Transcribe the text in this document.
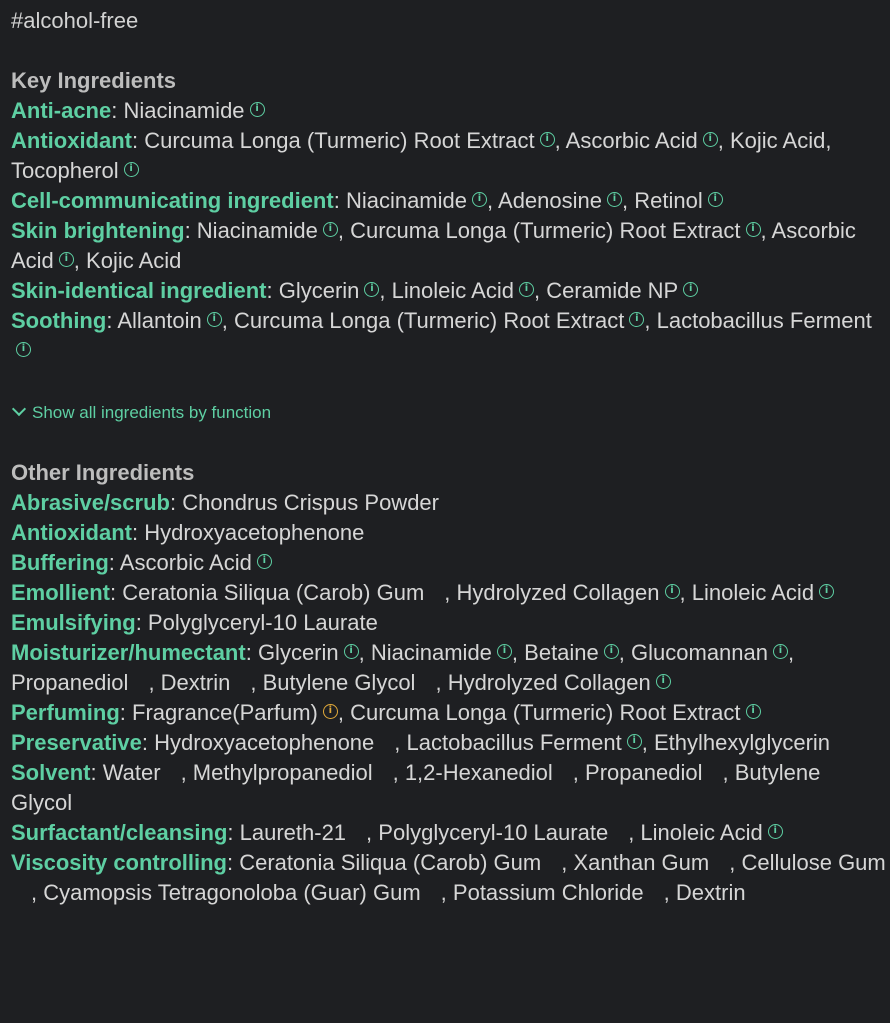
#alcohol-free
Key Ingredients
Anti-acne: Niacinamidei
Antioxidant: Curcuma Longa (Turmeric) Root Extract i , Ascorbic Acid i , Kojic Acid, Tocopheroli
Cell-communicating ingredient: Niacinamide i , Adenosine i , Retinoli
Skin brightening: Niacinamide i , Curcuma Longa (Turmeric) Root Extract i , Ascorbic Acid i , Kojic Acid
Skin-identical ingredient: Glycerin i , Linoleic Acid i , Ceramide NPi
Soothing: Allantoin i , Curcuma Longa (Turmeric) Root Extract i , Lactobacillus Fermenti
Show all ingredients by function
Other Ingredients
Abrasive/scrub: Chondrus Crispus Powder
Antioxidant: Hydroxyacetophenone
Buffering: Ascorbic Acidi
Emollient: Ceratonia Siliqua (Carob) Gum , Hydrolyzed Collagen i , Linoleic Acidi
Emulsifying: Polyglyceryl-10 Laurate
Moisturizer/humectant: Glycerin i , Niacinamide i , Betaine i , Glucomannan i , Propanediol , Dextrin , Butylene Glycol , Hydrolyzed Collageni
Perfuming: Fragrance(Parfum) i , Curcuma Longa (Turmeric) Root Extracti
Preservative: Hydroxyacetophenone , Lactobacillus Ferment i , Ethylhexylglycerin
Solvent: Water , Methylpropanediol , 1,2-Hexanediol , Propanediol , Butylene Glycol
Surfactant/cleansing: Laureth-21 , Polyglyceryl-10 Laurate , Linoleic Acidi
Viscosity controlling: Ceratonia Siliqua (Carob) Gum , Xanthan Gum , Cellulose Gum, Cyamopsis Tetragonoloba (Guar) Gum , Potassium Chloride , Dextrin
